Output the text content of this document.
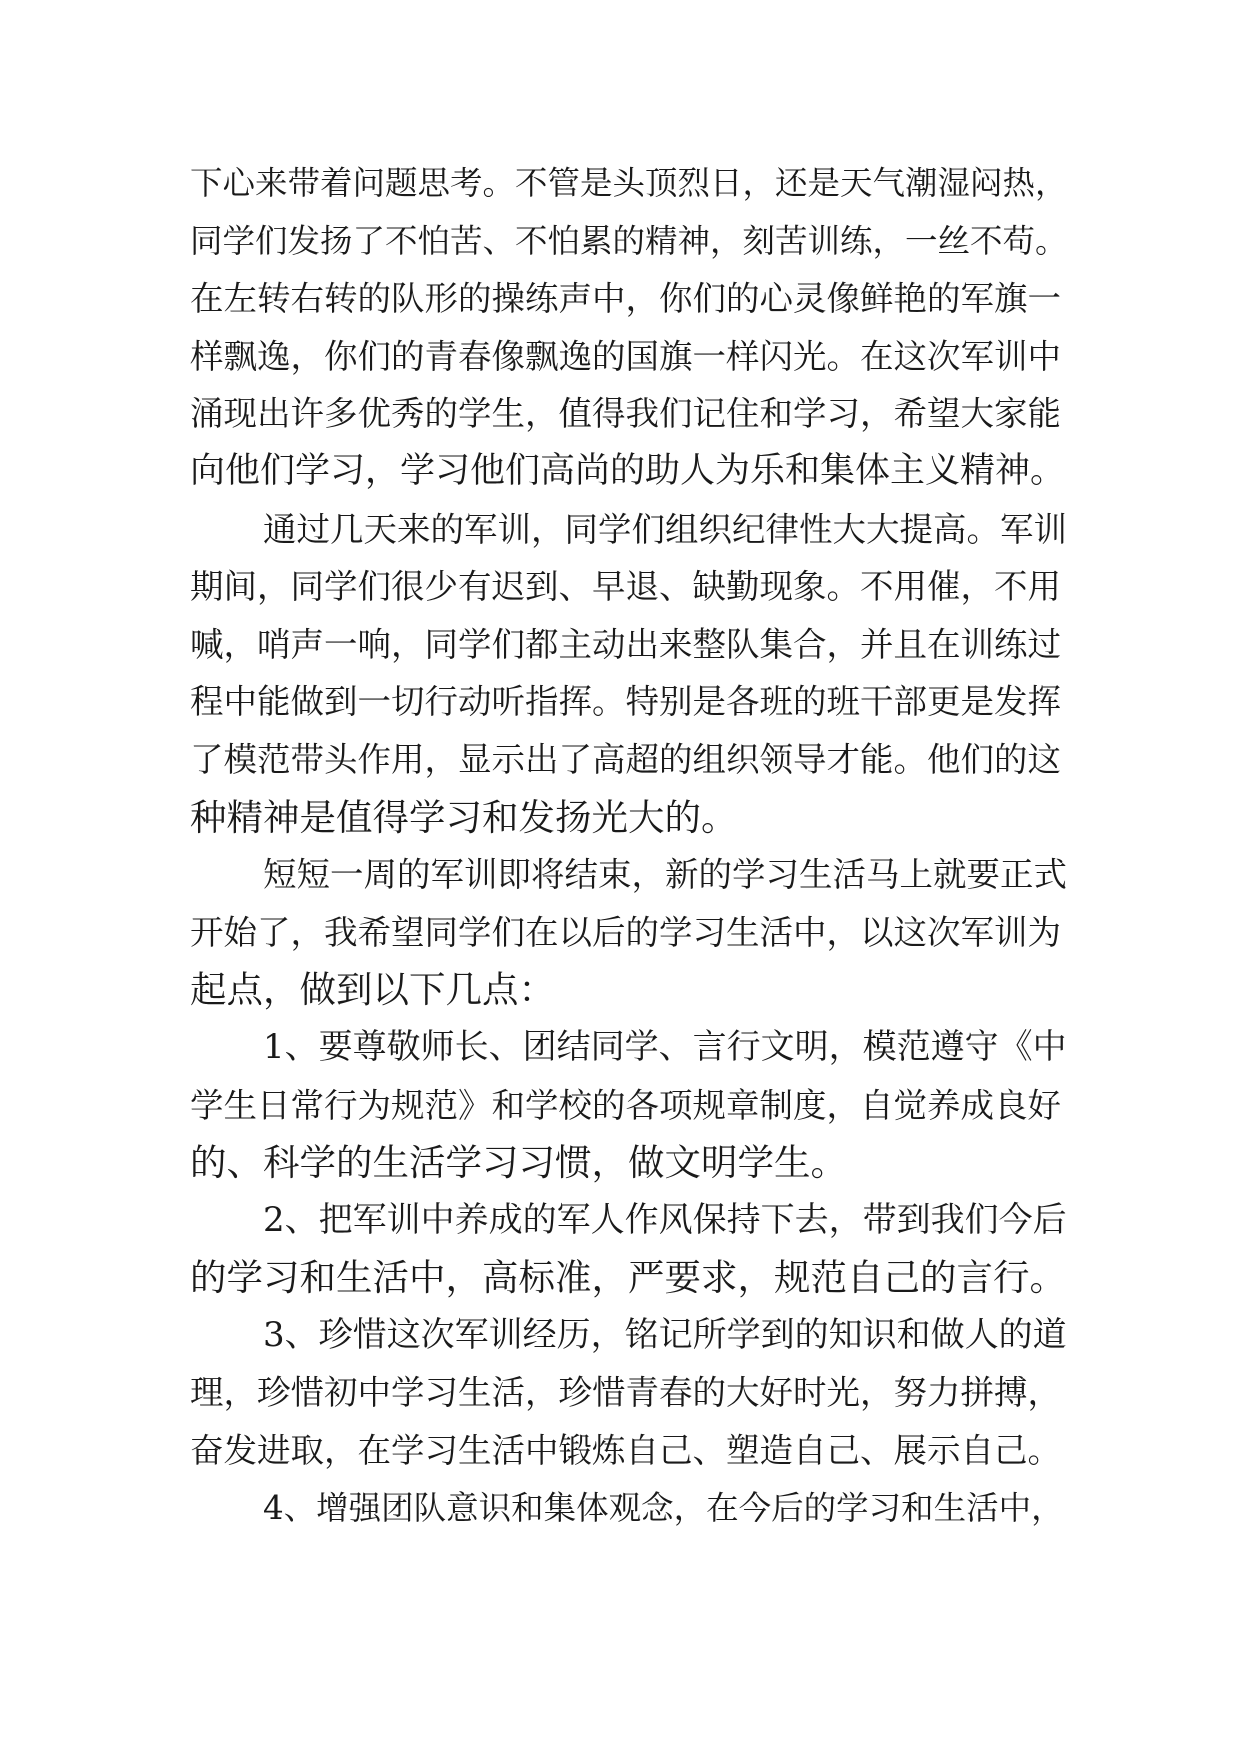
下心来带着问题思考。不管是头顶烈日，还是天气潮湿闷热，
同学们发扬了不怕苦、不怕累的精神，刻苦训练，一丝不苟。
在左转右转的队形的操练声中，你们的心灵像鲜艳的军旗一
样飘逸，你们的青春像飘逸的国旗一样闪光。在这次军训中
涌现出许多优秀的学生，值得我们记住和学习，希望大家能
向他们学习，学习他们高尚的助人为乐和集体主义精神。
通过几天来的军训，同学们组织纪律性大大提高。军训
期间，同学们很少有迟到、早退、缺勤现象。不用催，不用
喊，哨声一响，同学们都主动出来整队集合，并且在训练过
程中能做到一切行动听指挥。特别是各班的班干部更是发挥
了模范带头作用，显示出了高超的组织领导才能。他们的这
种精神是值得学习和发扬光大的。
短短一周的军训即将结束，新的学习生活马上就要正式
开始了，我希望同学们在以后的学习生活中，以这次军训为
起点，做到以下几点：
1、要尊敬师长、团结同学、言行文明，模范遵守《中
学生日常行为规范》和学校的各项规章制度，自觉养成良好
的、科学的生活学习习惯，做文明学生。
2、把军训中养成的军人作风保持下去，带到我们今后
的学习和生活中，高标准，严要求，规范自己的言行。
3、珍惜这次军训经历，铭记所学到的知识和做人的道
理，珍惜初中学习生活，珍惜青春的大好时光，努力拼搏，
奋发进取，在学习生活中锻炼自己、塑造自己、展示自己。
4、增强团队意识和集体观念，在今后的学习和生活中，
